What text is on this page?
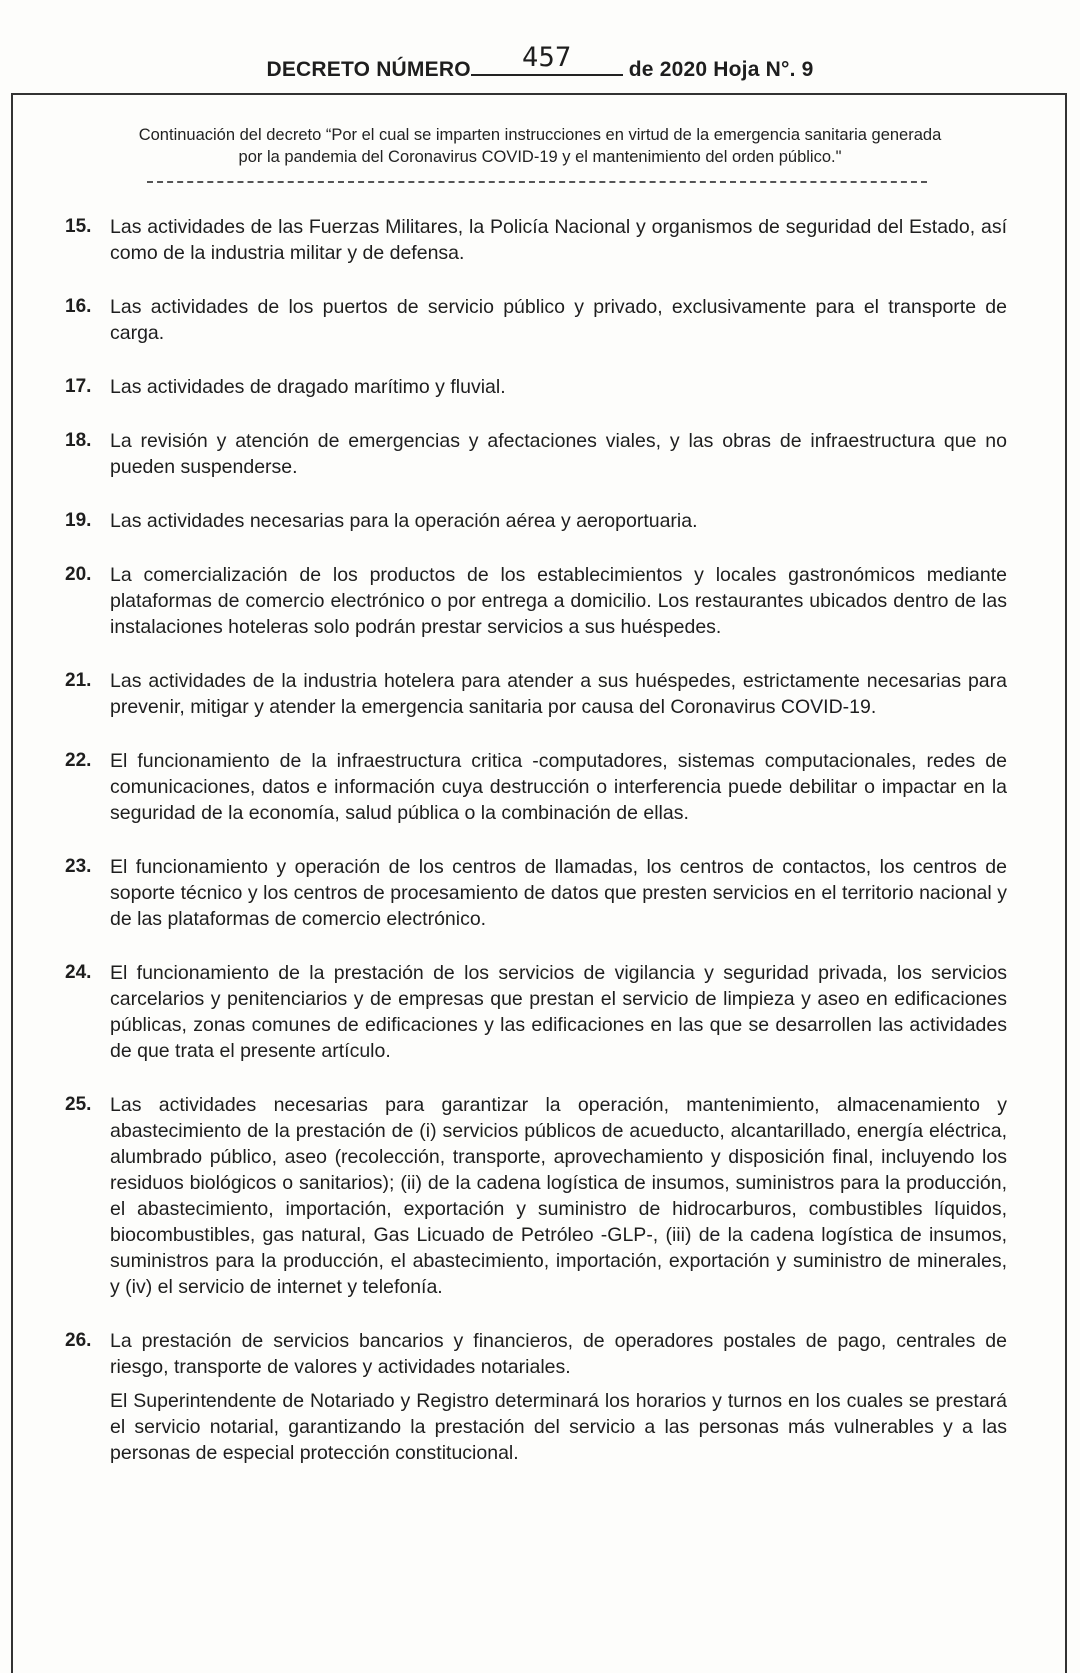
DECRETO NÚMERO	457	de 2020 Hoja N°. 9
Continuación del decreto “Por el cual se imparten instrucciones en virtud de la emergencia sanitaria generada
por la pandemia del Coronavirus COVID-19 y el mantenimiento del orden público."
15. Las actividades de las Fuerzas Militares, la Policía Nacional y organismos de seguridad del Estado, así como de la industria militar y de defensa.
16. Las actividades de los puertos de servicio público y privado, exclusivamente para el transporte de carga.
17. Las actividades de dragado marítimo y fluvial.
18. La revisión y atención de emergencias y afectaciones viales, y las obras de infraestructura que no pueden suspenderse.
19. Las actividades necesarias para la operación aérea y aeroportuaria.
20. La comercialización de los productos de los establecimientos y locales gastronómicos mediante plataformas de comercio electrónico o por entrega a domicilio. Los restaurantes ubicados dentro de las instalaciones hoteleras solo podrán prestar servicios a sus huéspedes.
21. Las actividades de la industria hotelera para atender a sus huéspedes, estrictamente necesarias para prevenir, mitigar y atender la emergencia sanitaria por causa del Coronavirus COVID-19.
22. El funcionamiento de la infraestructura critica -computadores, sistemas computacionales, redes de comunicaciones, datos e información cuya destrucción o interferencia puede debilitar o impactar en la seguridad de la economía, salud pública o la combinación de ellas.
23. El funcionamiento y operación de los centros de llamadas, los centros de contactos, los centros de soporte técnico y los centros de procesamiento de datos que presten servicios en el territorio nacional y de las plataformas de comercio electrónico.
24. El funcionamiento de la prestación de los servicios de vigilancia y seguridad privada, los servicios carcelarios y penitenciarios y de empresas que prestan el servicio de limpieza y aseo en edificaciones públicas, zonas comunes de edificaciones y las edificaciones en las que se desarrollen las actividades de que trata el presente artículo.
25. Las actividades necesarias para garantizar la operación, mantenimiento, almacenamiento y abastecimiento de la prestación de (i) servicios públicos de acueducto, alcantarillado, energía eléctrica, alumbrado público, aseo (recolección, transporte, aprovechamiento y disposición final, incluyendo los residuos biológicos o sanitarios); (ii) de la cadena logística de insumos, suministros para la producción, el abastecimiento, importación, exportación y suministro de hidrocarburos, combustibles líquidos, biocombustibles, gas natural, Gas Licuado de Petróleo -GLP-, (iii) de la cadena logística de insumos, suministros para la producción, el abastecimiento, importación, exportación y suministro de minerales, y (iv) el servicio de internet y telefonía.
26. La prestación de servicios bancarios y financieros, de operadores postales de pago, centrales de riesgo, transporte de valores y actividades notariales.
El Superintendente de Notariado y Registro determinará los horarios y turnos en los cuales se prestará el servicio notarial, garantizando la prestación del servicio a las personas más vulnerables y a las personas de especial protección constitucional.
